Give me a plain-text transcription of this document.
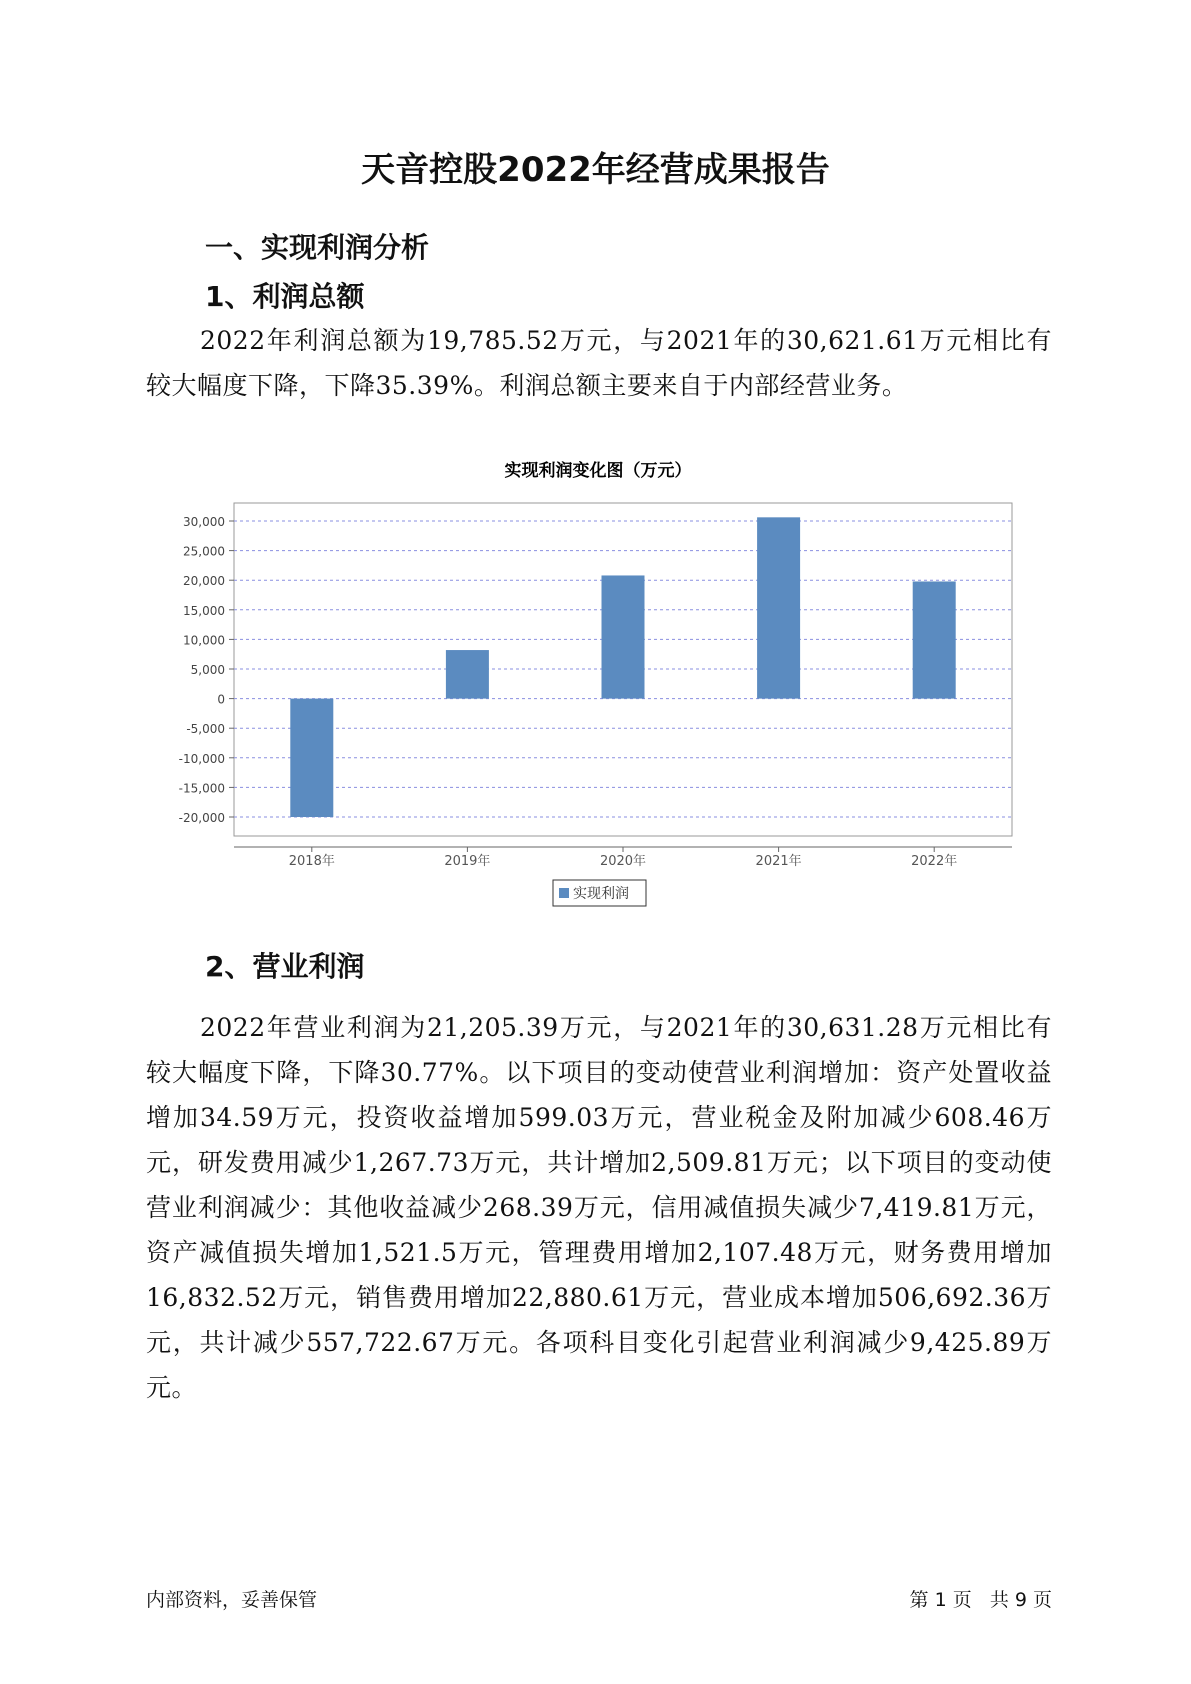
天音控股2022年经营成果报告
一、实现利润分析
1、利润总额

2022年利润总额为19,785.52万元，与2021年的30,621.61万元相比有较大幅度下降，下降35.39%。利润总额主要来自于内部经营业务。

实现利润变化图（万元）
30,000
25,000
20,000
15,000
10,000
5,000
0
-5,000
-10,000
-15,000
-20,000
2018年	2019年	2020年	2021年	2022年
实现利润
2、营业利润

2022年营业利润为21,205.39万元，与2021年的30,631.28万元相比有较大幅度下降，下降30.77%。以下项目的变动使营业利润增加：资产处置收益增加34.59万元，投资收益增加599.03万元，营业税金及附加减少608.46万元，研发费用减少1,267.73万元，共计增加2,509.81万元；以下项目的变动使营业利润减少：其他收益减少268.39万元，信用减值损失减少7,419.81万元，资产减值损失增加1,521.5万元，管理费用增加2,107.48万元，财务费用增加16,832.52万元，销售费用增加22,880.61万元，营业成本增加506,692.36万元，共计减少557,722.67万元。各项科目变化引起营业利润减少9,425.89万元。

内部资料，妥善保管	第 1 页   共 9 页
